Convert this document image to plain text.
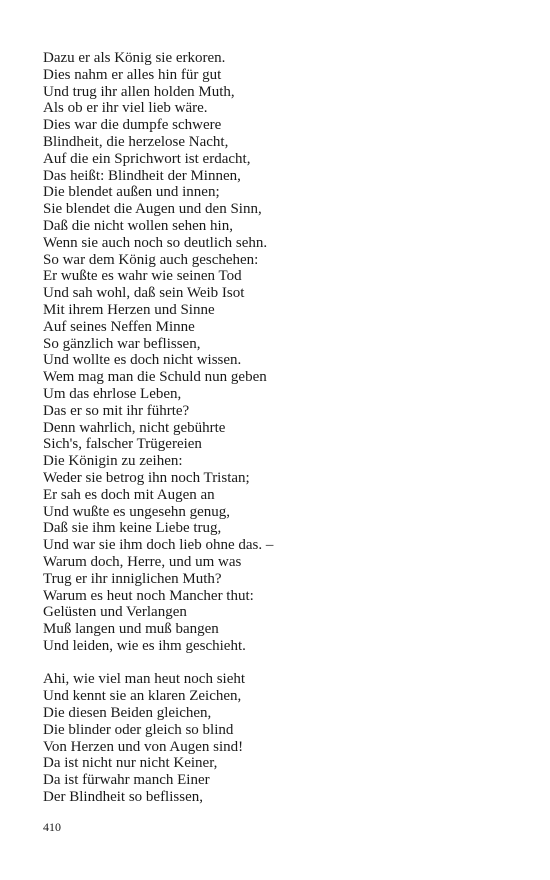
Dazu er als König sie erkoren.
Dies nahm er alles hin für gut
Und trug ihr allen holden Muth,
Als ob er ihr viel lieb wäre.
Dies war die dumpfe schwere
Blindheit, die herzelose Nacht,
Auf die ein Sprichwort ist erdacht,
Das heißt: Blindheit der Minnen,
Die blendet außen und innen;
Sie blendet die Augen und den Sinn,
Daß die nicht wollen sehen hin,
Wenn sie auch noch so deutlich sehn.
So war dem König auch geschehen:
Er wußte es wahr wie seinen Tod
Und sah wohl, daß sein Weib Isot
Mit ihrem Herzen und Sinne
Auf seines Neffen Minne
So gänzlich war beflissen,
Und wollte es doch nicht wissen.
Wem mag man die Schuld nun geben
Um das ehrlose Leben,
Das er so mit ihr führte?
Denn wahrlich, nicht gebührte
Sich's, falscher Trügereien
Die Königin zu zeihen:
Weder sie betrog ihn noch Tristan;
Er sah es doch mit Augen an
Und wußte es ungesehn genug,
Daß sie ihm keine Liebe trug,
Und war sie ihm doch lieb ohne das. –
Warum doch, Herre, und um was
Trug er ihr inniglichen Muth?
Warum es heut noch Mancher thut:
Gelüsten und Verlangen
Muß langen und muß bangen
Und leiden, wie es ihm geschieht.
Ahi, wie viel man heut noch sieht
Und kennt sie an klaren Zeichen,
Die diesen Beiden gleichen,
Die blinder oder gleich so blind
Von Herzen und von Augen sind!
Da ist nicht nur nicht Keiner,
Da ist fürwahr manch Einer
Der Blindheit so beflissen,
410
